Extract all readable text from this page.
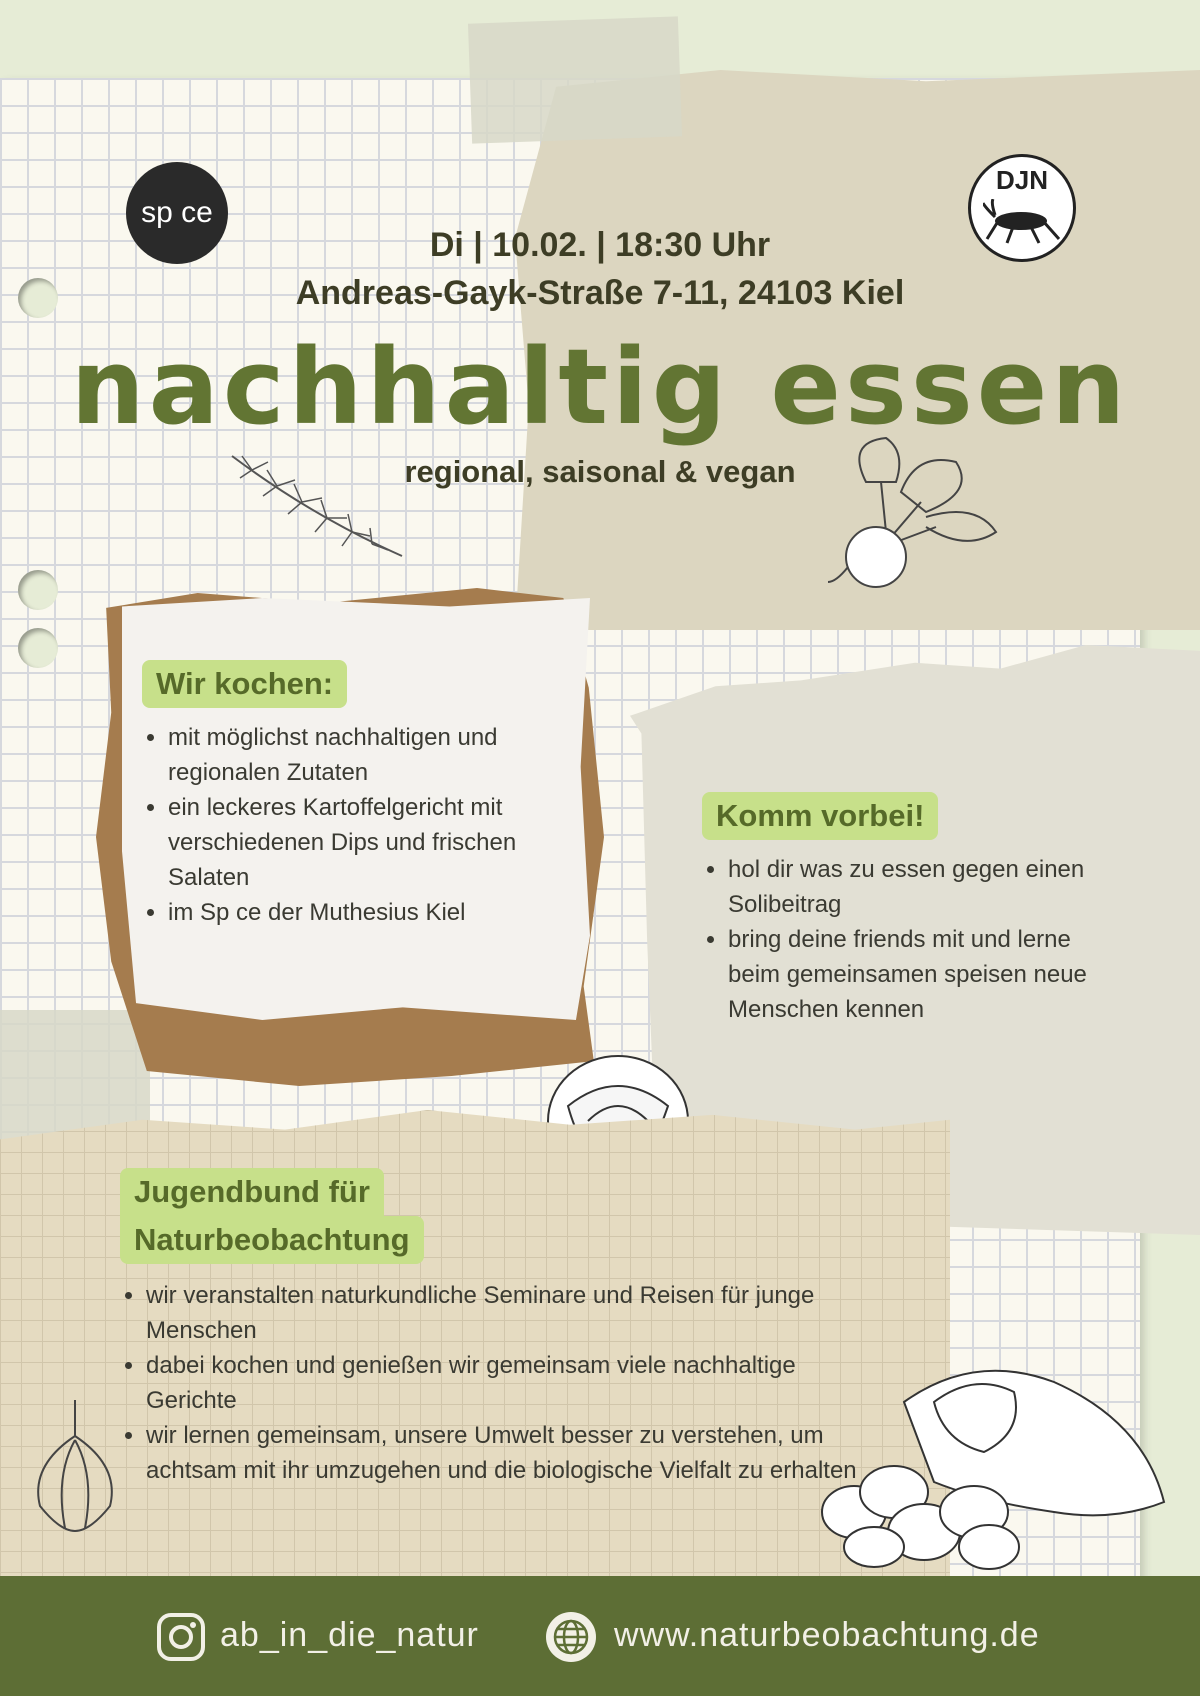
sp ce
DJN
Di | 10.02. | 18:30 Uhr
Andreas-Gayk-Straße 7-11, 24103 Kiel
nachhaltig essen
regional, saisonal & vegan
Wir kochen:
• mit möglichst nachhaltigen und regionalen Zutaten
• ein leckeres Kartoffelgericht mit verschiedenen Dips und frischen Salaten
• im Sp ce der Muthesius Kiel
Komm vorbei!
• hol dir was zu essen gegen einen Solibeitrag
• bring deine friends mit und lerne beim gemeinsamen speisen neue Menschen kennen
Jugendbund für
Naturbeobachtung
• wir veranstalten naturkundliche Seminare und Reisen für junge Menschen
• dabei kochen und genießen wir gemeinsam viele nachhaltige Gerichte
• wir lernen gemeinsam, unsere Umwelt besser zu verstehen, um achtsam mit ihr umzugehen und die biologische Vielfalt zu erhalten
ab_in_die_natur	www.naturbeobachtung.de
